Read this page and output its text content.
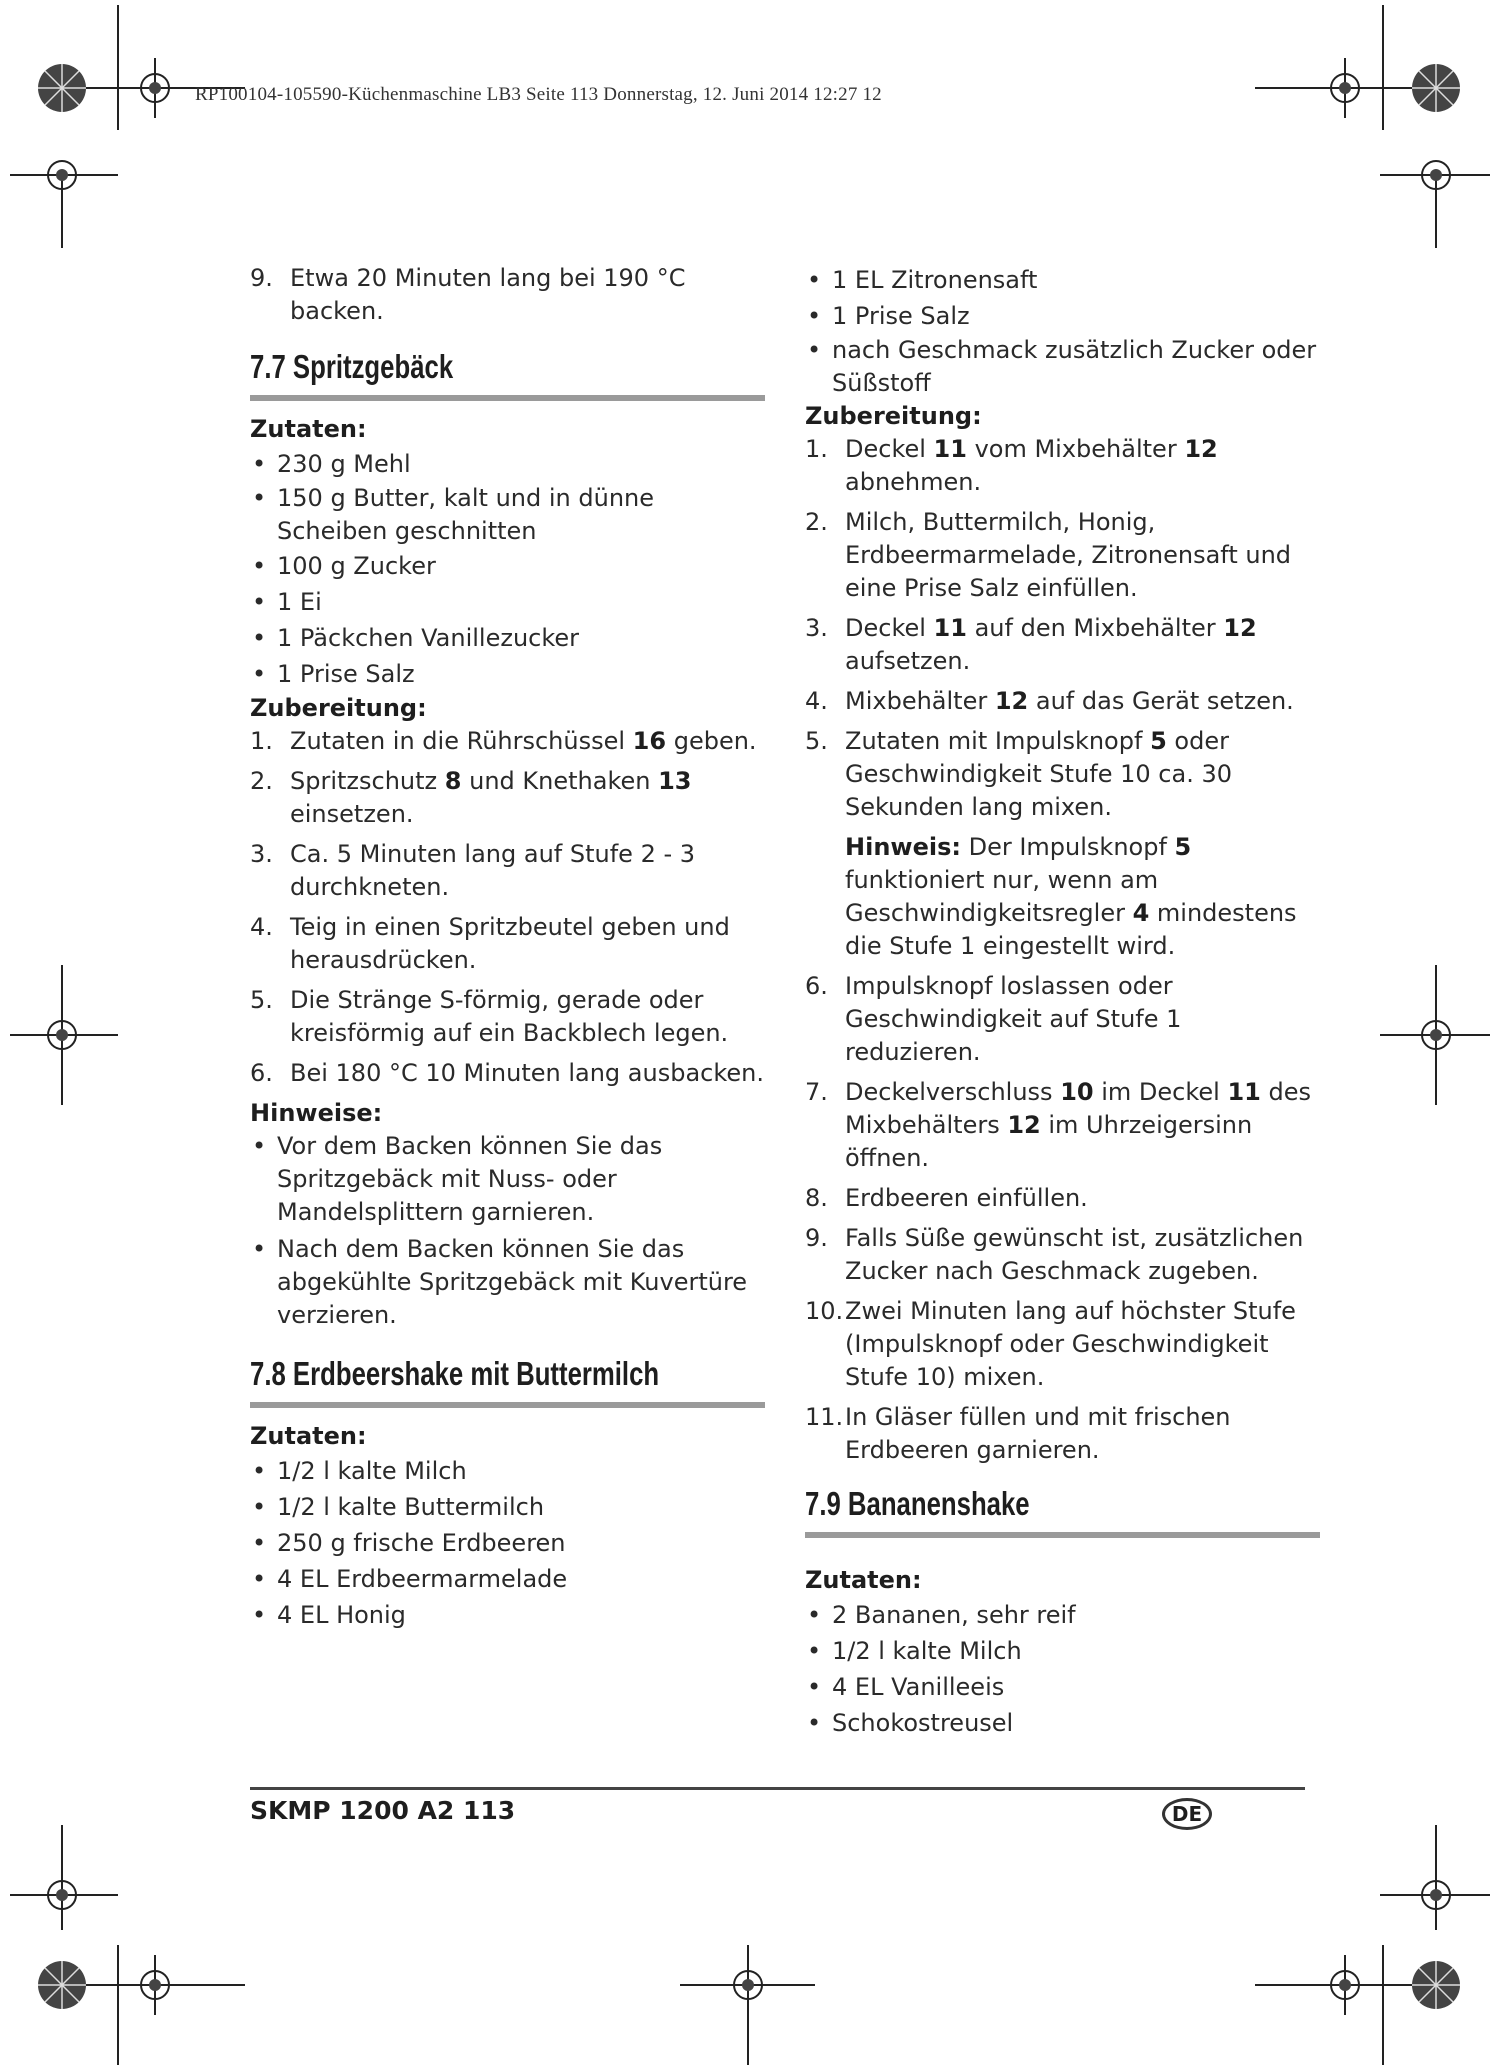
RP100104-105590-Küchenmaschine LB3 Seite 113 Donnerstag, 12. Juni 2014 12:27 12
9. Etwa 20 Minuten lang bei 190 °C backen.
7.7 Spritzgebäck
Zutaten:
• 230 g Mehl
• 150 g Butter, kalt und in dünne Scheiben geschnitten
• 100 g Zucker
• 1 Ei
• 1 Päckchen Vanillezucker
• 1 Prise Salz
Zubereitung:
1. Zutaten in die Rührschüssel 16 geben.
2. Spritzschutz 8 und Knethaken 13 einsetzen.
3. Ca. 5 Minuten lang auf Stufe 2 - 3 durchkneten.
4. Teig in einen Spritzbeutel geben und herausdrücken.
5. Die Stränge S-förmig, gerade oder kreisförmig auf ein Backblech legen.
6. Bei 180 °C 10 Minuten lang ausbacken.
Hinweise:
• Vor dem Backen können Sie das Spritzgebäck mit Nuss- oder Mandelsplittern garnieren.
• Nach dem Backen können Sie das abgekühlte Spritzgebäck mit Kuvertüre verzieren.
7.8 Erdbeershake mit Buttermilch
Zutaten:
• 1/2 l kalte Milch
• 1/2 l kalte Buttermilch
• 250 g frische Erdbeeren
• 4 EL Erdbeermarmelade
• 4 EL Honig
• 1 EL Zitronensaft
• 1 Prise Salz
• nach Geschmack zusätzlich Zucker oder Süßstoff
Zubereitung:
1. Deckel 11 vom Mixbehälter 12 abnehmen.
2. Milch, Buttermilch, Honig, Erdbeermarmelade, Zitronensaft und eine Prise Salz einfüllen.
3. Deckel 11 auf den Mixbehälter 12 aufsetzen.
4. Mixbehälter 12 auf das Gerät setzen.
5. Zutaten mit Impulsknopf 5 oder Geschwindigkeit Stufe 10 ca. 30 Sekunden lang mixen.
Hinweis: Der Impulsknopf 5 funktioniert nur, wenn am Geschwindigkeitsregler 4 mindestens die Stufe 1 eingestellt wird.
6. Impulsknopf loslassen oder Geschwindigkeit auf Stufe 1 reduzieren.
7. Deckelverschluss 10 im Deckel 11 des Mixbehälters 12 im Uhrzeigersinn öffnen.
8. Erdbeeren einfüllen.
9. Falls Süße gewünscht ist, zusätzlichen Zucker nach Geschmack zugeben.
10. Zwei Minuten lang auf höchster Stufe (Impulsknopf oder Geschwindigkeit Stufe 10) mixen.
11. In Gläser füllen und mit frischen Erdbeeren garnieren.
7.9 Bananenshake
Zutaten:
• 2 Bananen, sehr reif
• 1/2 l kalte Milch
• 4 EL Vanilleeis
• Schokostreusel
SKMP 1200 A2 113	DE
